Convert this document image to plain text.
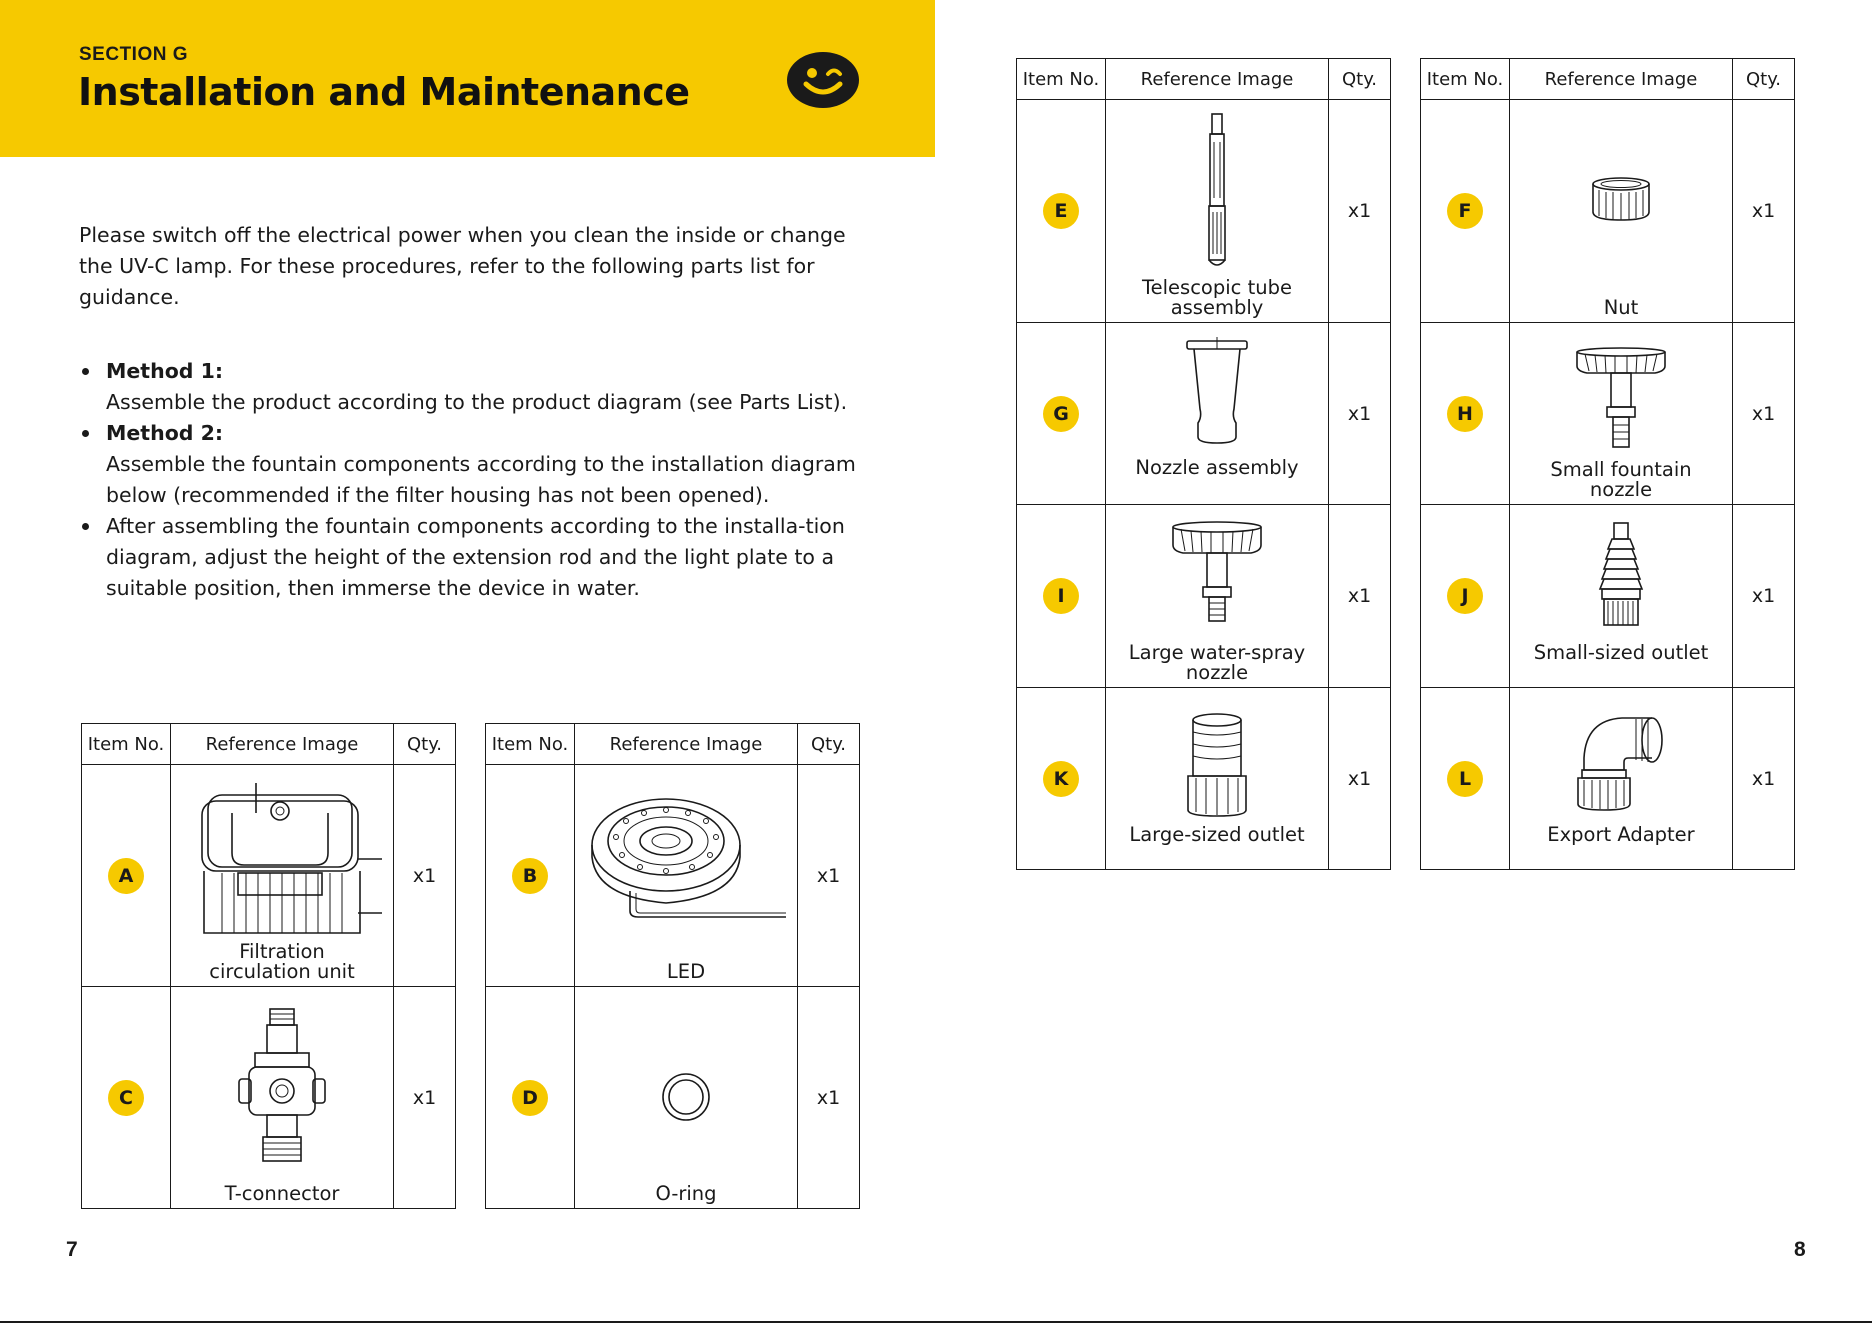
SECTION G
Installation and Maintenance

Please switch off the electrical power when you clean the inside or change the UV-C lamp. For these procedures, refer to the following parts list for guidance.

Method 1:
Assemble the product according to the product diagram (see Parts List).
Method 2:
Assemble the fountain components according to the installation diagram below (recommended if the filter housing has not been opened).
After assembling the fountain components according to the installa-tion diagram, adjust the height of the extension rod and the light plate to a suitable position, then immerse the device in water.
Item No.	Reference Image	Qty.
A	Filtration circulation unit	x1
C	T-connector	x1
Item No.	Reference Image	Qty.
B	LED	x1
D	O-ring	x1
Item No.	Reference Image	Qty.
E	Telescopic tube assembly	x1
G	Nozzle assembly	x1
I	Large water-spray nozzle	x1
K	Large-sized outlet	x1
Item No.	Reference Image	Qty.
F	Nut	x1
H	Small fountain nozzle	x1
J	Small-sized outlet	x1
L	Export Adapter	x1
7	8
